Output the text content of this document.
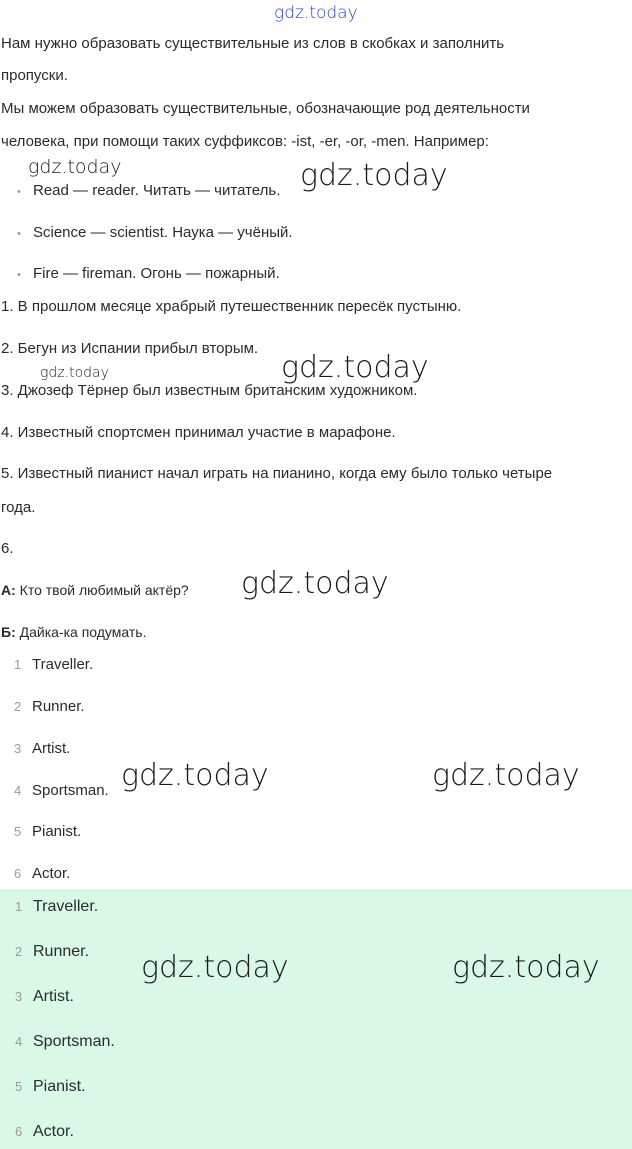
gdz.today
Нам нужно образовать существительные из слов в скобках и заполнить
пропуски.
Мы можем образовать существительные, обозначающие род деятельности
человека, при помощи таких суффиксов: -ist, -er, -or, -men. Например:
• Read — reader. Читать — читатель.
• Science — scientist. Наука — учёный.
• Fire — fireman. Огонь — пожарный.
1. В прошлом месяце храбрый путешественник пересёк пустыню.
2. Бегун из Испании прибыл вторым.
3. Джозеф Тёрнер был известным британским художником.
4. Известный спортсмен принимал участие в марафоне.
5. Известный пианист начал играть на пианино, когда ему было только четыре
года.
6.
А: Кто твой любимый актёр?
Б: Дайка-ка подумать.
1 Traveller.
2 Runner.
3 Artist.
4 Sportsman.
5 Pianist.
6 Actor.
1 Traveller.
2 Runner.
3 Artist.
4 Sportsman.
5 Pianist.
6 Actor.
gdz.today	gdz.today
gdz.today
gdz.today
gdz.today
gdz.today	gdz.today
gdz.today	gdz.today
